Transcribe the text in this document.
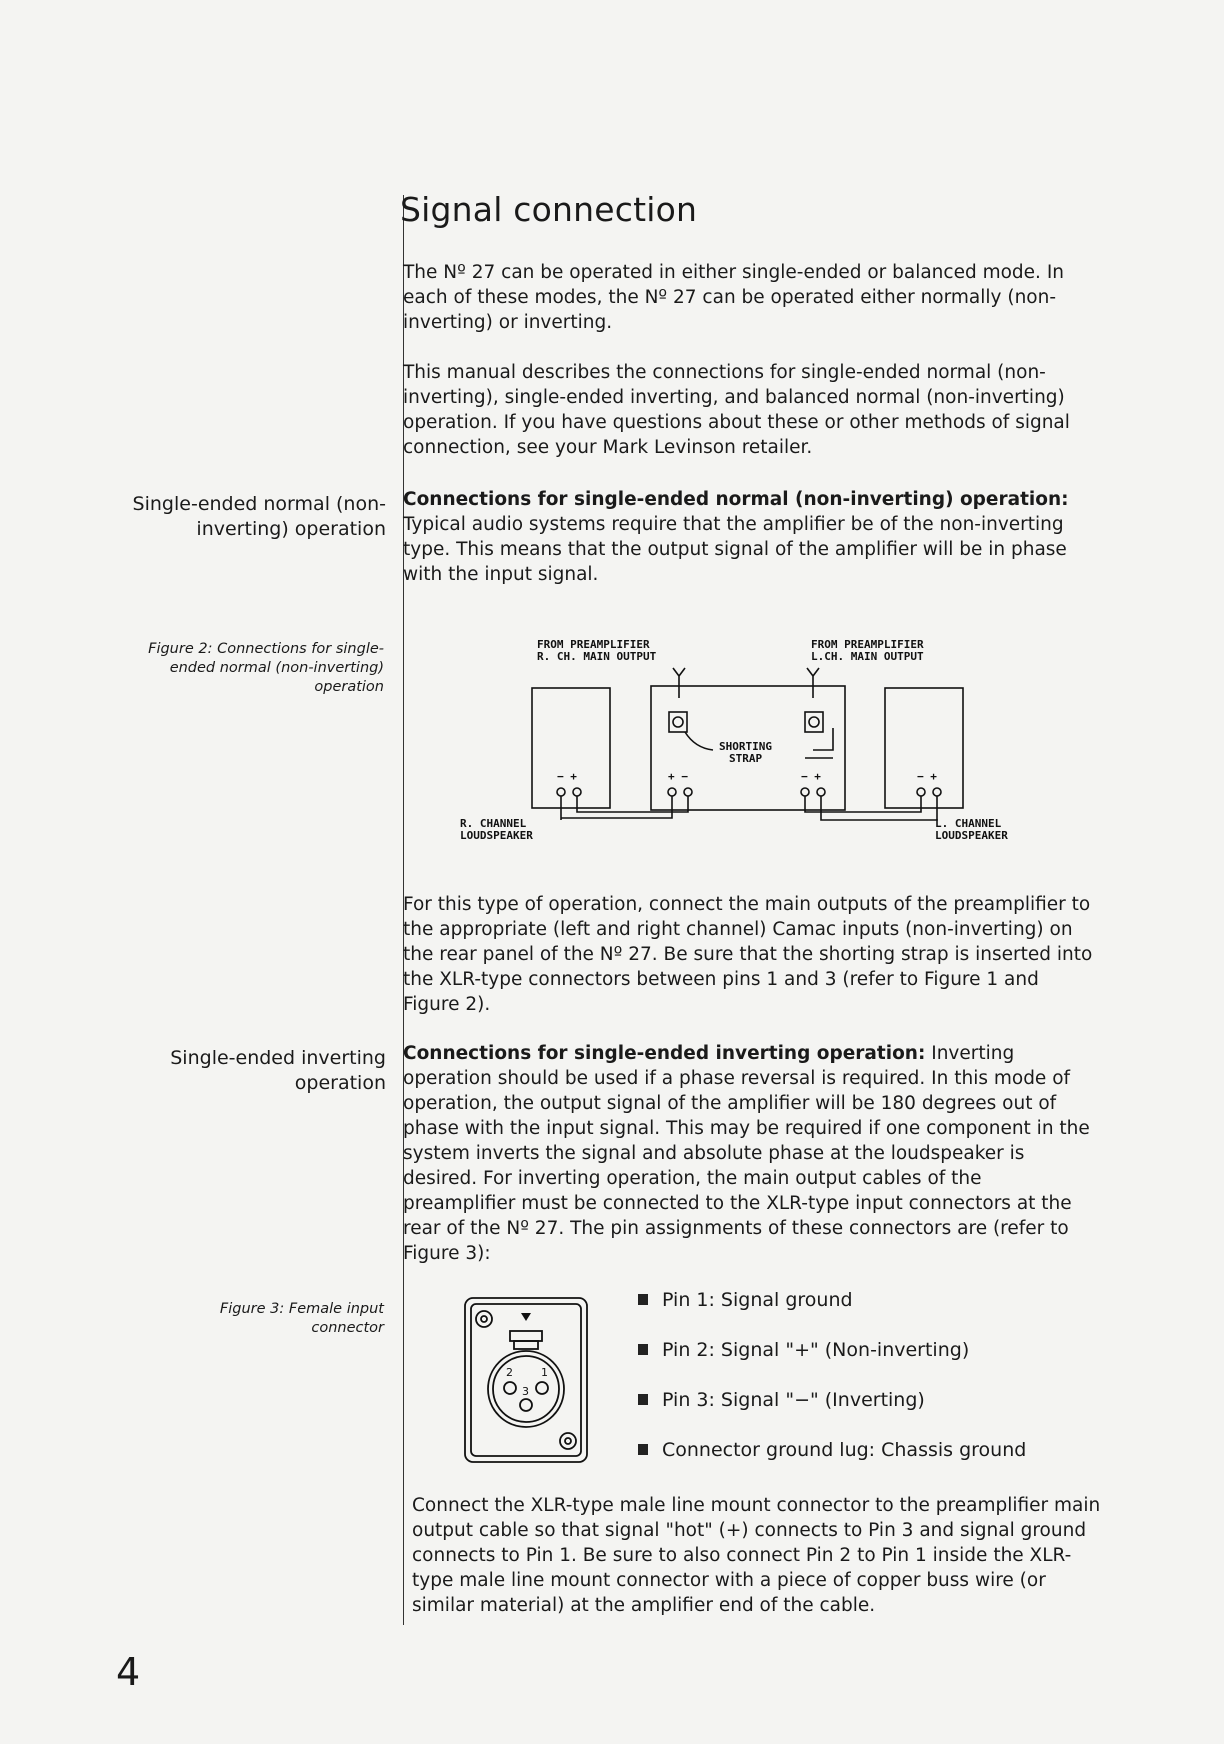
Signal connection

The Nº 27 can be operated in either single-ended or balanced mode. In each of these modes, the Nº 27 can be operated either normally (non-inverting) or inverting.

This manual describes the connections for single-ended normal (non-inverting), single-ended inverting, and balanced normal (non-inverting) operation. If you have questions about these or other methods of signal connection, see your Mark Levinson retailer.

Single-ended normal (non-inverting) operation

Connections for single-ended normal (non-inverting) operation:
Typical audio systems require that the amplifier be of the non-inverting type. This means that the output signal of the amplifier will be in phase with the input signal.

Figure 2: Connections for single-ended normal (non-inverting) operation

FROM PREAMPLIFIER
R. CH. MAIN OUTPUT
FROM PREAMPLIFIER
L.CH. MAIN OUTPUT
SHORTING
STRAP
− +	+ −	− +	− +
R. CHANNEL
LOUDSPEAKER
L. CHANNEL
LOUDSPEAKER

For this type of operation, connect the main outputs of the preamplifier to the appropriate (left and right channel) Camac inputs (non-inverting) on the rear panel of the Nº 27. Be sure that the shorting strap is inserted into the XLR-type connectors between pins 1 and 3 (refer to Figure 1 and Figure 2).

Single-ended inverting operation

Connections for single-ended inverting operation: Inverting operation should be used if a phase reversal is required. In this mode of operation, the output signal of the amplifier will be 180 degrees out of phase with the input signal. This may be required if one component in the system inverts the signal and absolute phase at the loudspeaker is desired. For inverting operation, the main output cables of the preamplifier must be connected to the XLR-type input connectors at the rear of the Nº 27. The pin assignments of these connectors are (refer to Figure 3):

Figure 3: Female input connector

2	1
3
Pin 1: Signal ground
Pin 2: Signal "+" (Non-inverting)
Pin 3: Signal "−" (Inverting)
Connector ground lug: Chassis ground

Connect the XLR-type male line mount connector to the preamplifier main output cable so that signal "hot" (+) connects to Pin 3 and signal ground connects to Pin 1. Be sure to also connect Pin 2 to Pin 1 inside the XLR-type male line mount connector with a piece of copper buss wire (or similar material) at the amplifier end of the cable.

4
